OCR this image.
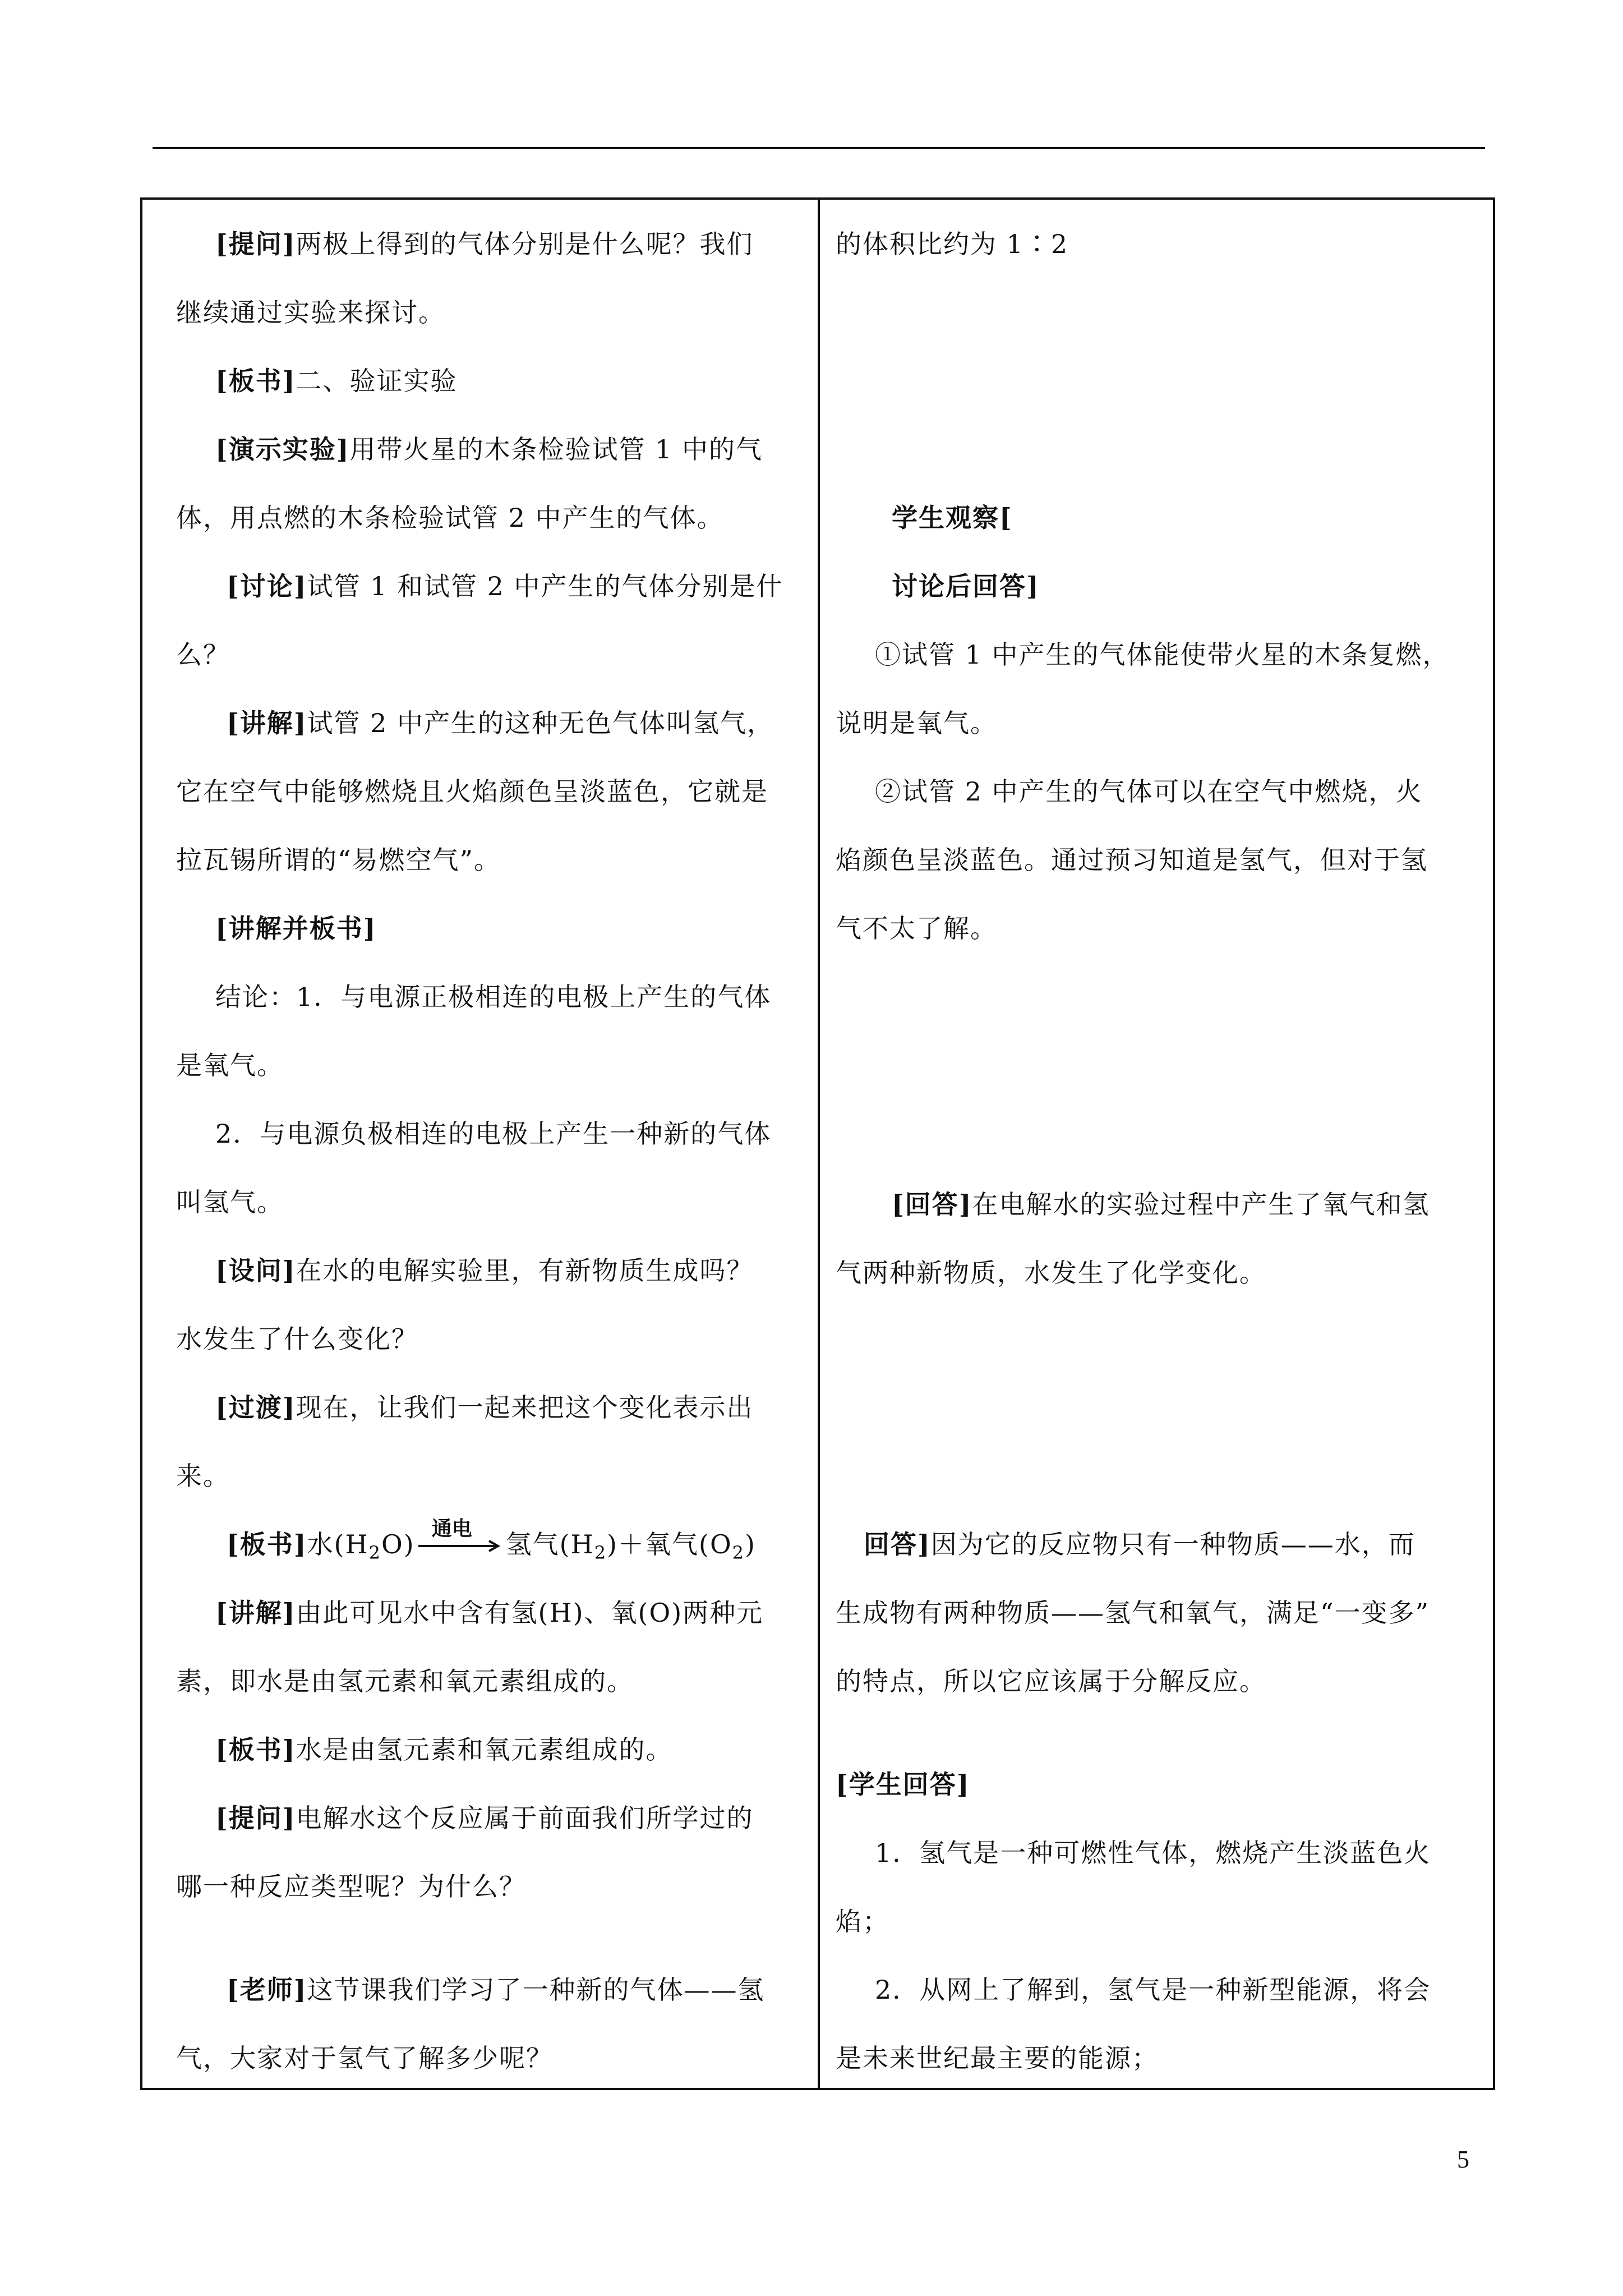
[提问]两极上得到的气体分别是什么呢？我们

继续通过实验来探讨。

[板书]二、验证实验

[演示实验]用带火星的木条检验试管 1 中的气

体，用点燃的木条检验试管 2 中产生的气体。

[讨论]试管 1 和试管 2 中产生的气体分别是什

么？

[讲解]试管 2 中产生的这种无色气体叫氢气，

它在空气中能够燃烧且火焰颜色呈淡蓝色，它就是

拉瓦锡所谓的“易燃空气”。

[讲解并板书]

结论：1．与电源正极相连的电极上产生的气体

是氧气。

2．与电源负极相连的电极上产生一种新的气体

叫氢气。

[设问]在水的电解实验里，有新物质生成吗？

水发生了什么变化？

[过渡]现在，让我们一起来把这个变化表示出

来。

[板书]水$(H_2O)$
通电
氢气$(H_2)+$氧气$(O_2)$

[讲解]由此可见水中含有氢(H)、氧(O)两种元

素，即水是由氢元素和氧元素组成的。

[板书]水是由氢元素和氧元素组成的。

[提问]电解水这个反应属于前面我们所学过的

哪一种反应类型呢？为什么？

[老师]这节课我们学习了一种新的气体——氢

气，大家对于氢气了解多少呢？

的体积比约为 1∶2

学生观察[

讨论后回答]

①试管 1 中产生的气体能使带火星的木条复燃，

说明是氧气。

②试管 2 中产生的气体可以在空气中燃烧，火

焰颜色呈淡蓝色。通过预习知道是氢气，但对于氢

气不太了解。

[回答]在电解水的实验过程中产生了氧气和氢

气两种新物质，水发生了化学变化。

回答]因为它的反应物只有一种物质——水，而

生成物有两种物质——氢气和氧气，满足“一变多”

的特点，所以它应该属于分解反应。

[学生回答]

1．氢气是一种可燃性气体，燃烧产生淡蓝色火

焰；

2．从网上了解到，氢气是一种新型能源，将会

是未来世纪最主要的能源；

5
